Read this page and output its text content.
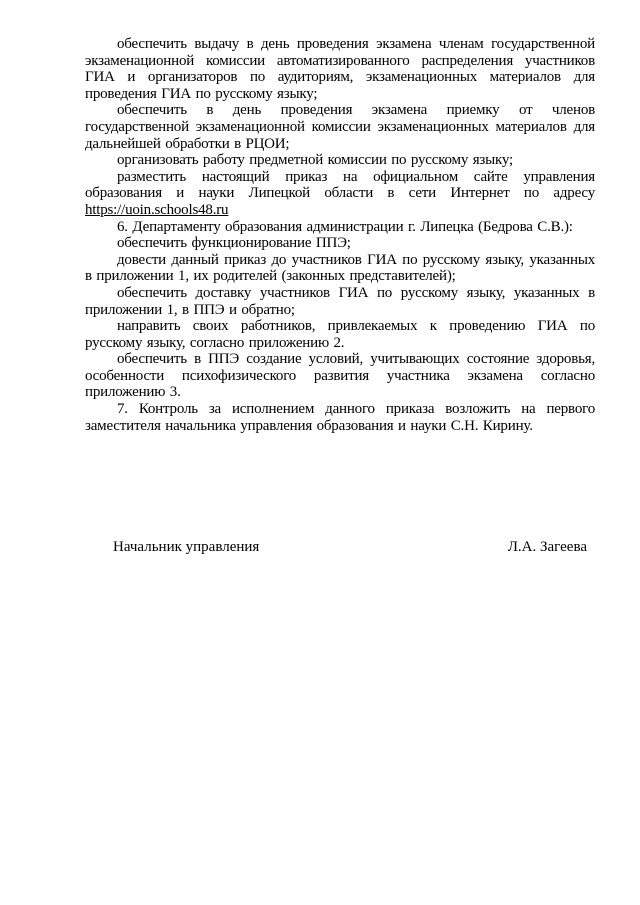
обеспечить выдачу в день проведения экзамена членам государственной экзаменационной комиссии автоматизированного распределения участников ГИА и организаторов по аудиториям, экзаменационных материалов для проведения ГИА по русскому языку;

обеспечить в день проведения экзамена приемку от членов государственной экзаменационной комиссии экзаменационных материалов для дальнейшей обработки в РЦОИ;

организовать работу предметной комиссии по русскому языку;

разместить настоящий приказ на официальном сайте управления образования и науки Липецкой области в сети Интернет по адресу https://uoin.schools48.ru

6. Департаменту образования администрации г. Липецка (Бедрова С.В.):

обеспечить функционирование ППЭ;

довести данный приказ до участников ГИА по русскому языку, указанных в приложении 1, их родителей (законных представителей);

обеспечить доставку участников ГИА по русскому языку, указанных в приложении 1, в ППЭ и обратно;

направить своих работников, привлекаемых к проведению ГИА по русскому языку, согласно приложению 2.

обеспечить в ППЭ создание условий, учитывающих состояние здоровья, особенности психофизического развития участника экзамена согласно приложению 3.

7. Контроль за исполнением данного приказа возложить на первого заместителя начальника управления образования и науки С.Н. Кирину.

Начальник управления	Л.А. Загеева
